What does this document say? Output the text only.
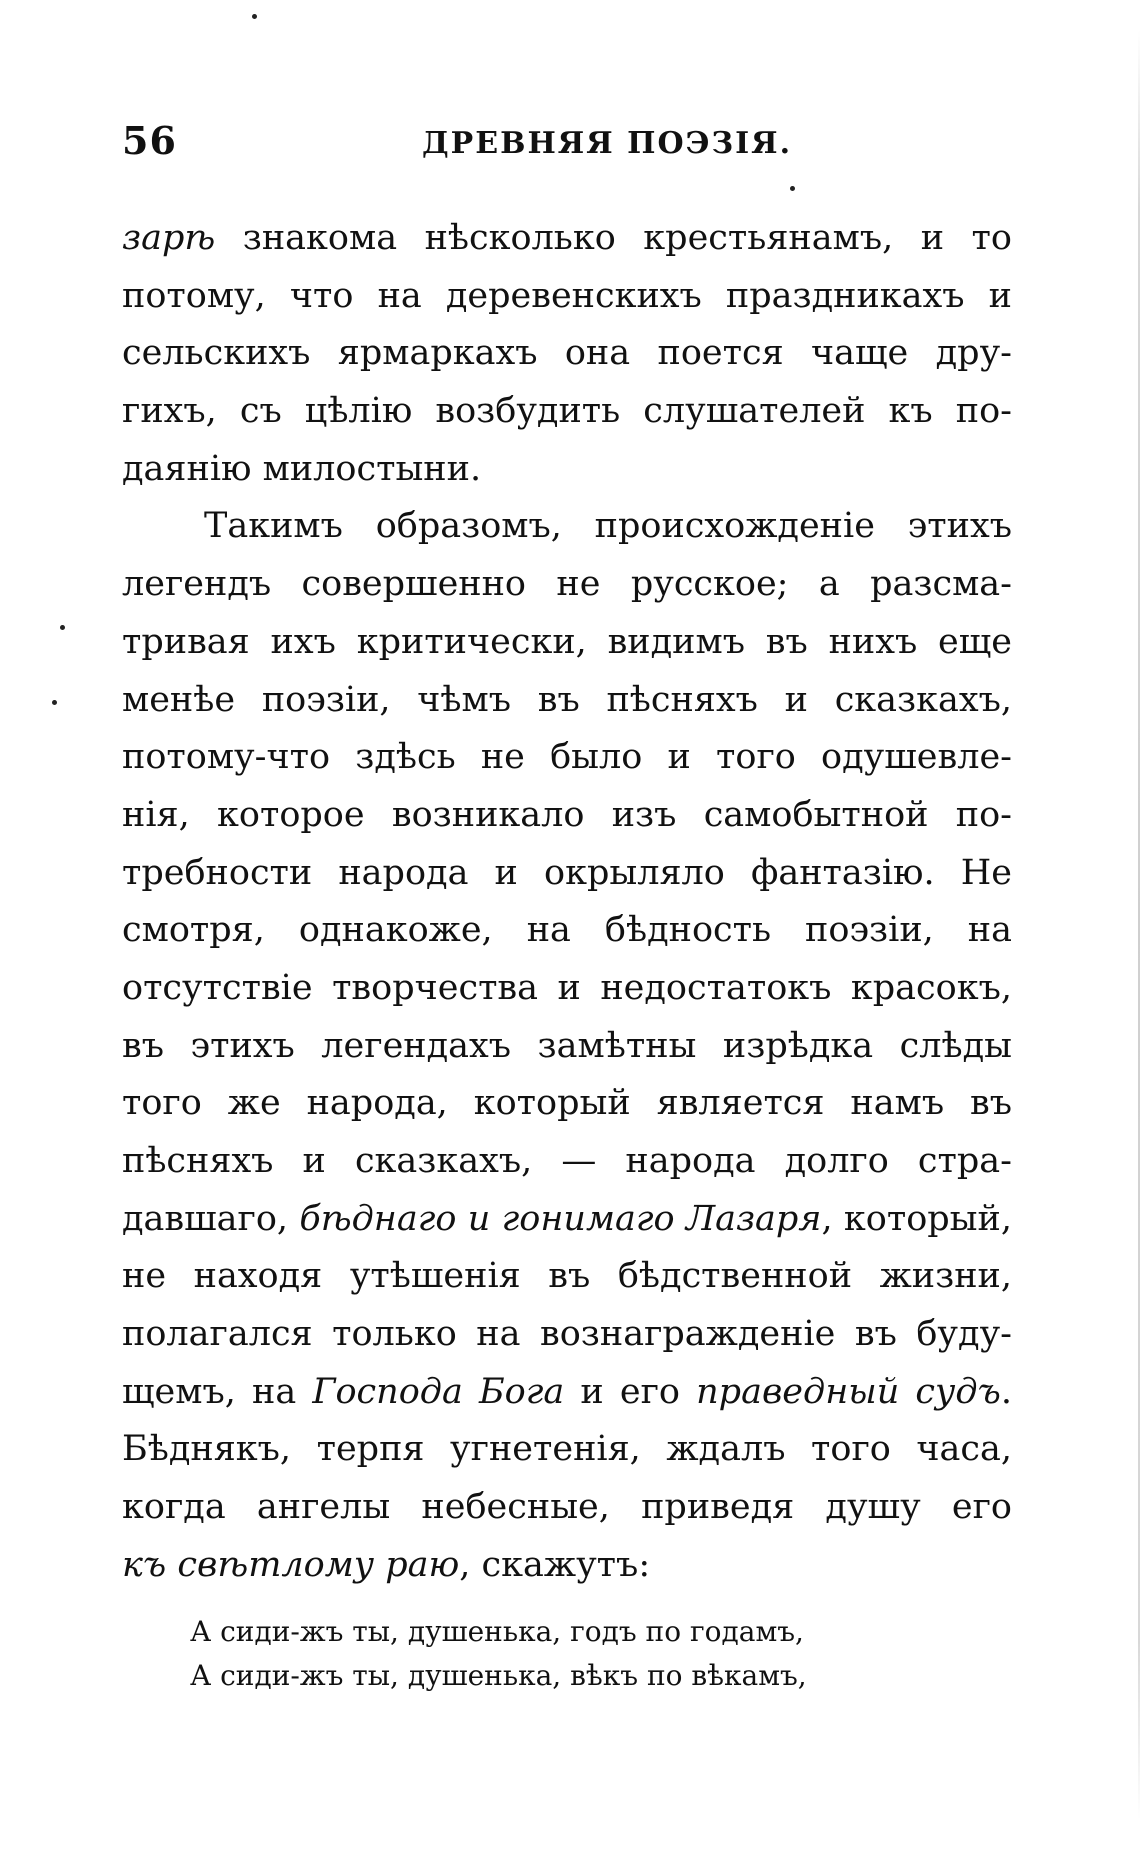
56	ДРЕВНЯЯ ПОЭЗІЯ.
зарѣ знакома нѣсколько крестьянамъ, и то
потому, что на деревенскихъ праздникахъ и
сельскихъ ярмаркахъ она поется чаще дру-
гихъ, съ цѣлію возбудить слушателей къ по-
даянію милостыни.
Такимъ образомъ, происхожденіе этихъ
легендъ совершенно не русское; а разсма-
тривая ихъ критически, видимъ въ нихъ еще
менѣе поэзіи, чѣмъ въ пѣсняхъ и сказкахъ,
потому-что здѣсь не было и того одушевле-
нія, которое возникало изъ самобытной по-
требности народа и окрыляло фантазію. Не
смотря, однакоже, на бѣдность поэзіи, на
отсутствіе творчества и недостатокъ красокъ,
въ этихъ легендахъ замѣтны изрѣдка слѣды
того же народа, который является намъ въ
пѣсняхъ и сказкахъ, — народа долго стра-
давшаго, бѣднаго и гонимаго Лазаря, который,
не находя утѣшенія въ бѣдственной жизни,
полагался только на вознагражденіе въ буду-
щемъ, на Господа Бога и его праведный судъ.
Бѣднякъ, терпя угнетенія, ждалъ того часа,
когда ангелы небесные, приведя душу его
къ свѣтлому раю, скажутъ:
А сиди-жъ ты, душенька, годъ по годамъ,
А сиди-жъ ты, душенька, вѣкъ по вѣкамъ,
